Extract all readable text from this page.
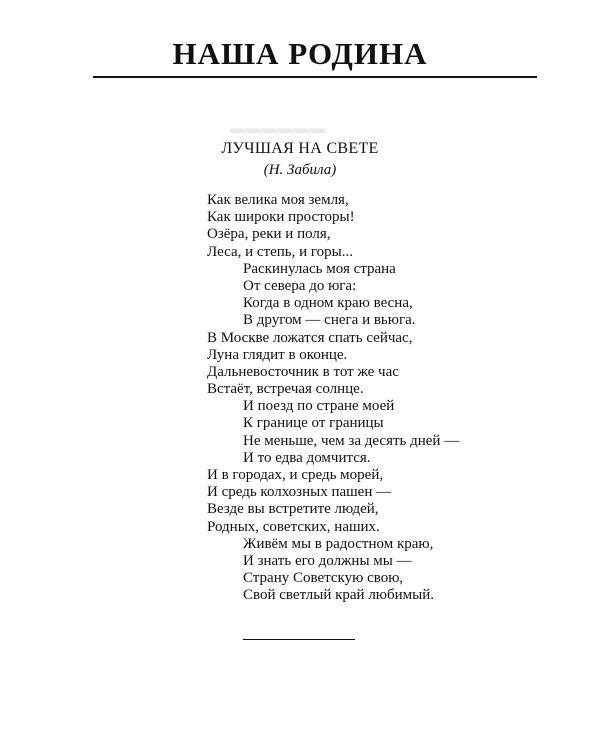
НАША РОДИНА
▬▬▬▬▬▬
ЛУЧШАЯ НА СВЕТЕ
(Н. Забила)
Как велика моя земля,
Как широки просторы!
Озёра, реки и поля,
Леса, и степь, и горы...
Раскинулась моя страна
От севера до юга:
Когда в одном краю весна,
В другом — снега и вьюга.
В Москве ложатся спать сейчас,
Луна глядит в оконце.
Дальневосточник в тот же час
Встаёт, встречая солнце.
И поезд по стране моей
К границе от границы
Не меньше, чем за десять дней —
И то едва домчится.
И в городах, и средь морей,
И средь колхозных пашен —
Везде вы встретите людей,
Родных, советских, наших.
Живём мы в радостном краю,
И знать его должны мы —
Страну Советскую свою,
Свой светлый край любимый.
